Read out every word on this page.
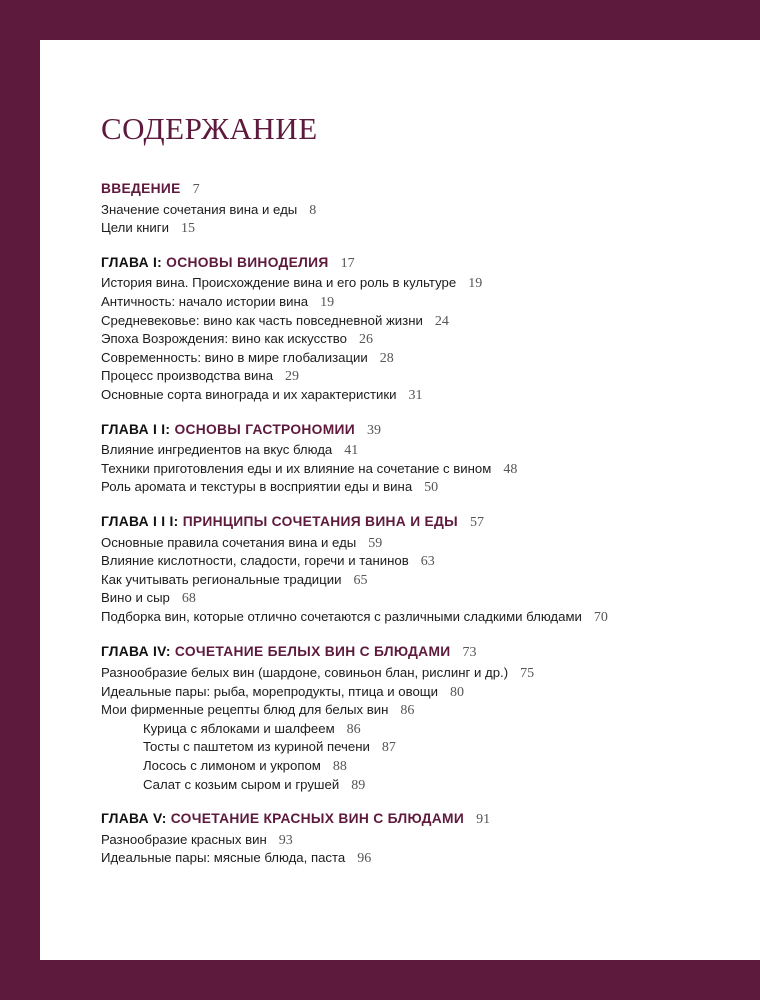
СОДЕРЖАНИЕ
ВВЕДЕНИЕ 7
Значение сочетания вина и еды 8
Цели книги 15
ГЛАВА I: ОСНОВЫ ВИНОДЕЛИЯ 17
История вина. Происхождение вина и его роль в культуре 19
Античность: начало истории вина 19
Средневековье: вино как часть повседневной жизни 24
Эпоха Возрождения: вино как искусство 26
Современность: вино в мире глобализации 28
Процесс производства вина 29
Основные сорта винограда и их характеристики 31
ГЛАВА I I: ОСНОВЫ ГАСТРОНОМИИ 39
Влияние ингредиентов на вкус блюда 41
Техники приготовления еды и их влияние на сочетание с вином 48
Роль аромата и текстуры в восприятии еды и вина 50
ГЛАВА I I I: ПРИНЦИПЫ СОЧЕТАНИЯ ВИНА И ЕДЫ 57
Основные правила сочетания вина и еды 59
Влияние кислотности, сладости, горечи и танинов 63
Как учитывать региональные традиции 65
Вино и сыр 68
Подборка вин, которые отлично сочетаются с различными сладкими блюдами 70
ГЛАВА IV: СОЧЕТАНИЕ БЕЛЫХ ВИН С БЛЮДАМИ 73
Разнообразие белых вин (шардоне, совиньон блан, рислинг и др.) 75
Идеальные пары: рыба, морепродукты, птица и овощи 80
Мои фирменные рецепты блюд для белых вин 86
Курица с яблоками и шалфеем 86
Тосты с паштетом из куриной печени 87
Лосось с лимоном и укропом 88
Салат с козьим сыром и грушей 89
ГЛАВА V: СОЧЕТАНИЕ КРАСНЫХ ВИН С БЛЮДАМИ 91
Разнообразие красных вин 93
Идеальные пары: мясные блюда, паста 96
